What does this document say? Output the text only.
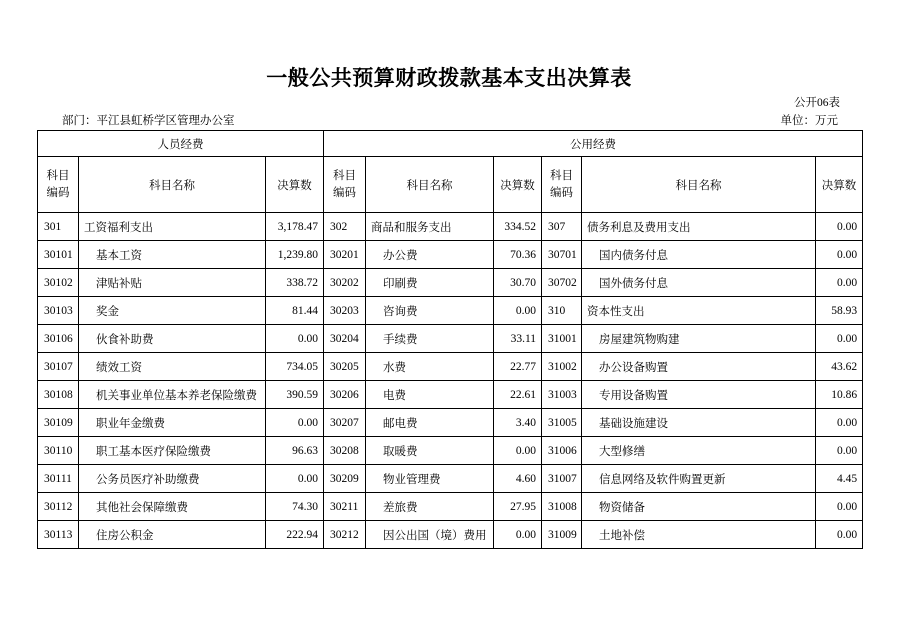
一般公共预算财政拨款基本支出决算表
公开06表
部门：平江县虹桥学区管理办公室	单位：万元
人员经费			公用经费					
科目编码	科目名称	决算数	科目编码	科目名称	决算数	科目编码	科目名称	决算数
301	工资福利支出	3,178.47	302	商品和服务支出	334.52	307	债务利息及费用支出	0.00
30101	基本工资	1,239.80	30201	办公费	70.36	30701	国内债务付息	0.00
30102	津贴补贴	338.72	30202	印刷费	30.70	30702	国外债务付息	0.00
30103	奖金	81.44	30203	咨询费	0.00	310	资本性支出	58.93
30106	伙食补助费	0.00	30204	手续费	33.11	31001	房屋建筑物购建	0.00
30107	绩效工资	734.05	30205	水费	22.77	31002	办公设备购置	43.62
30108	机关事业单位基本养老保险缴费	390.59	30206	电费	22.61	31003	专用设备购置	10.86
30109	职业年金缴费	0.00	30207	邮电费	3.40	31005	基础设施建设	0.00
30110	职工基本医疗保险缴费	96.63	30208	取暖费	0.00	31006	大型修缮	0.00
30111	公务员医疗补助缴费	0.00	30209	物业管理费	4.60	31007	信息网络及软件购置更新	4.45
30112	其他社会保障缴费	74.30	30211	差旅费	27.95	31008	物资储备	0.00
30113	住房公积金	222.94	30212	因公出国（境）费用	0.00	31009	土地补偿	0.00
